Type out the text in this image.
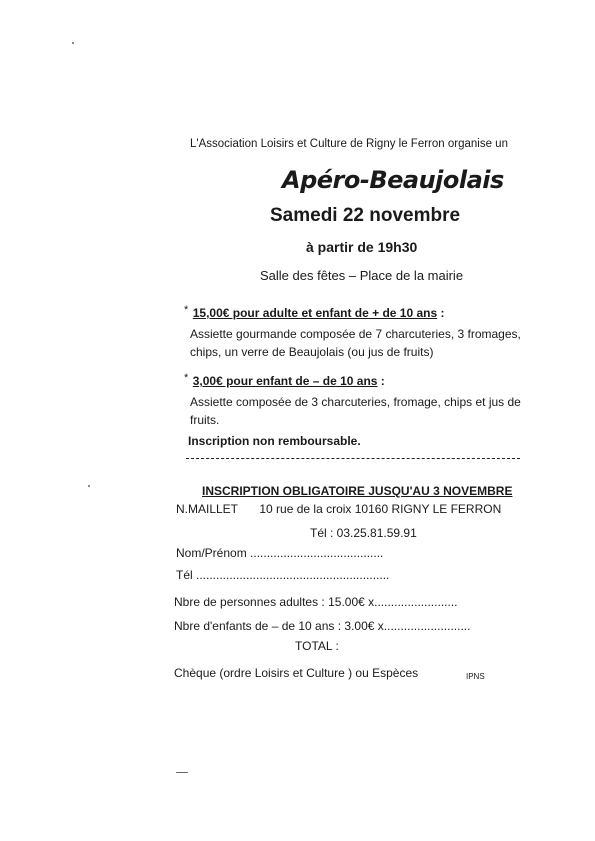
L'Association Loisirs et Culture de Rigny le Ferron organise un
Apéro-Beaujolais
Samedi 22 novembre
à partir de 19h30
Salle des fêtes – Place de la mairie
* 15,00€ pour adulte et enfant de + de 10 ans :
Assiette gourmande composée de 7 charcuteries, 3 fromages, chips, un verre de Beaujolais (ou jus de fruits)
* 3,00€ pour enfant de – de 10 ans :
Assiette composée de 3 charcuteries, fromage, chips et jus de fruits.
Inscription non remboursable.
INSCRIPTION OBLIGATOIRE JUSQU'AU 3 NOVEMBRE
N.MAILLET 10 rue de la croix 10160 RIGNY LE FERRON
Tél : 03.25.81.59.91
Nom/Prénom ........................................
Tél ..........................................................
Nbre de personnes adultes : 15.00€ x.........................
Nbre d'enfants de – de 10 ans : 3.00€ x..........................
TOTAL :
Chèque (ordre Loisirs et Culture ) ou Espèces	IPNS
